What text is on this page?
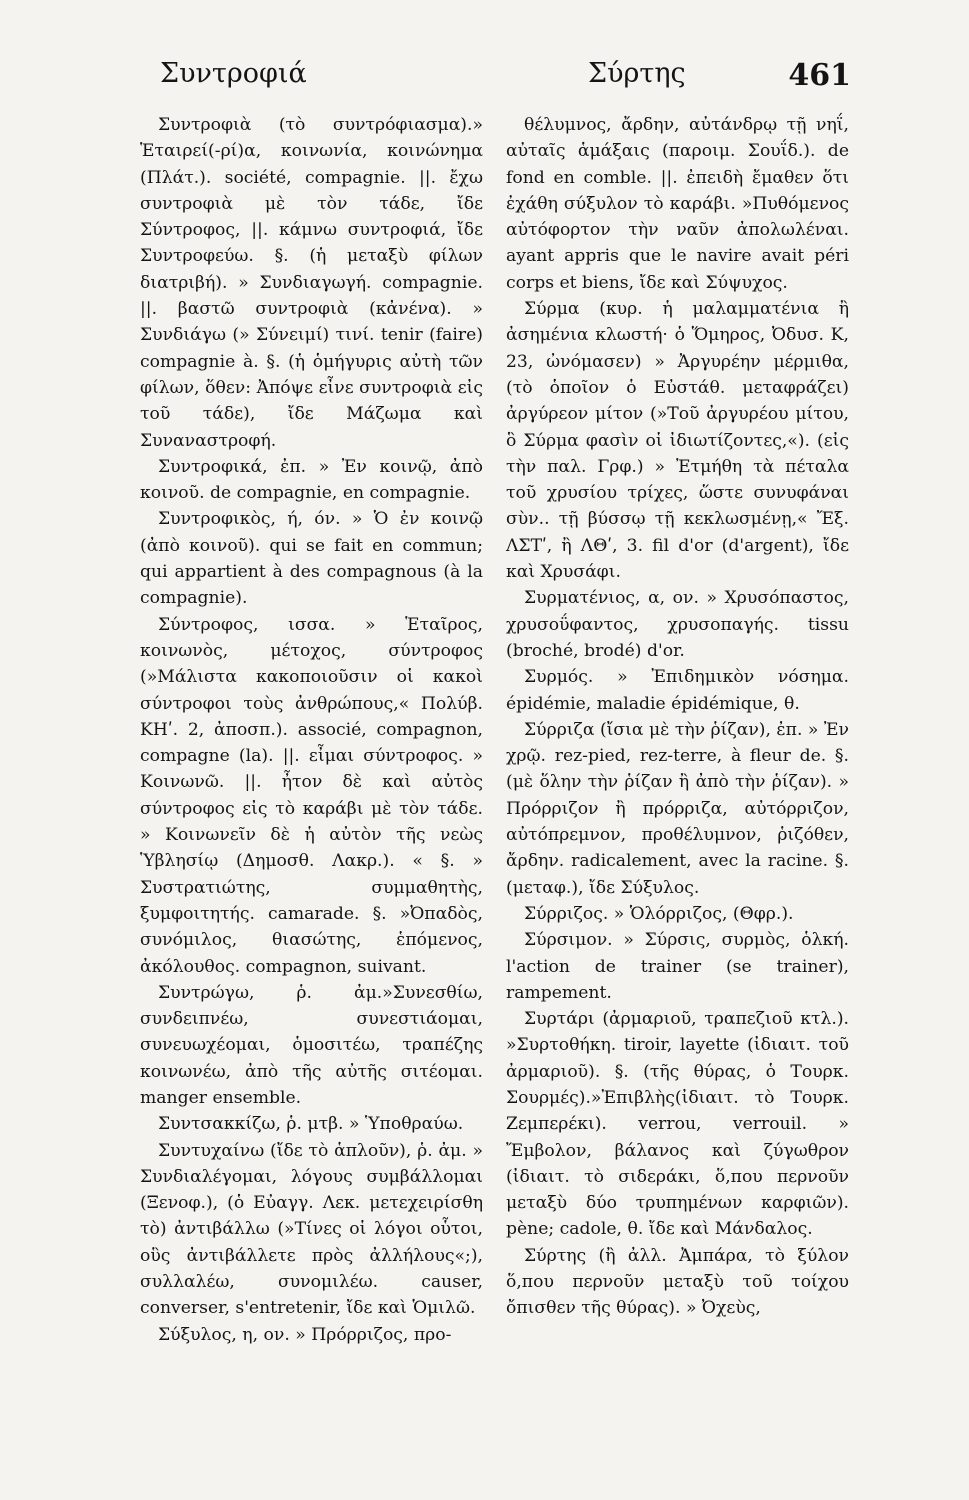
Συντροφιά	Σύρτης	461

Συντροφιὰ (τὸ συντρόφιασμα).» Ἑταιρεί(-ρί)α, κοινωνία, κοινώνημα (Πλάτ.). société, compagnie. ||. ἔχω συντροφιὰ μὲ τὸν τάδε, ἴδε Σύντροφος, ||. κάμνω συντροφιά, ἴδε Συντροφεύω. §. (ἡ μεταξὺ φίλων διατριβή). » Συνδιαγωγή. compagnie. ||. βαστῶ συντροφιὰ (κἀνένα). » Συνδιάγω (» Σύνειμί) τινί. tenir (faire) compagnie à. §. (ἡ ὁμήγυρις αὐτὴ τῶν φίλων, ὅθεν: Ἀπόψε εἶνε συντροφιὰ εἰς τοῦ τάδε), ἴδε Μάζωμα καὶ Συναναστροφή.

Συντροφικά, ἐπ. » Ἐν κοινῷ, ἀπὸ κοινοῦ. de compagnie, en compagnie.

Συντροφικὸς, ή, όν. » Ὁ ἐν κοινῷ (ἀπὸ κοινοῦ). qui se fait en commun; qui appartient à des compagnous (à la compagnie).

Σύντροφος, ισσα. » Ἑταῖρος, κοινωνὸς, μέτοχος, σύντροφος (»Μάλιστα κακοποιοῦσιν οἱ κακοὶ σύντροφοι τοὺς ἀνθρώπους,« Πολύβ. ΚΗʹ. 2, ἀποσπ.). associé, compagnon, compagne (la). ||. εἶμαι σύντροφος. » Κοινωνῶ. ||. ἦτον δὲ καὶ αὐτὸς σύντροφος εἰς τὸ καράβι μὲ τὸν τάδε. » Κοινωνεῖν δὲ ἡ αὐτὸν τῆς νεὼς Ὑβλησίῳ (Δημοσθ. Λακρ.). « §. » Συστρατιώτης, συμμαθητὴς, ξυμφοιτητής. camarade. §. »Ὀπαδὸς, συνόμιλος, θιασώτης, ἑπόμενος, ἀκόλουθος. compagnon, suivant.

Συντρώγω, ῥ. ἀμ.»Συνεσθίω, συνδειπνέω, συνεστιάομαι, συνευωχέομαι, ὁμοσιτέω, τραπέζης κοινωνέω, ἀπὸ τῆς αὐτῆς σιτέομαι. manger ensemble.

Συντσακκίζω, ῥ. μτβ. » Ὑποθραύω.

Συντυχαίνω (ἴδε τὸ ἁπλοῦν), ῥ. ἀμ. » Συνδιαλέγομαι, λόγους συμβάλλομαι (Ξενοφ.), (ὁ Εὐαγγ. Λεκ. μετεχειρίσθη τὸ) ἀντιβάλλω (»Τίνες οἱ λόγοι οὗτοι, οὓς ἀντιβάλλετε πρὸς ἀλλήλους«;), συλλαλέω, συνομιλέω. causer, converser, s'entretenir, ἴδε καὶ Ὁμιλῶ.

Σύξυλος, η, ον. » Πρόρριζος, προ-

θέλυμνος, ἄρδην, αὐτάνδρῳ τῇ νηΐ, αὐταῖς ἁμάξαις (παροιμ. Σουΐδ.). de fond en comble. ||. ἐπειδὴ ἔμαθεν ὅτι ἐχάθη σύξυλον τὸ καράβι. »Πυθόμενος αὐτόφορτον τὴν ναῦν ἀπολωλέναι. ayant appris que le navire avait péri corps et biens, ἴδε καὶ Σύψυχος.

Σύρμα (κυρ. ἡ μαλαμματένια ἢ ἀσημένια κλωστή· ὁ Ὅμηρος, Ὀδυσ. Κ, 23, ὠνόμασεν) » Ἀργυρέην μέρμιθα, (τὸ ὁποῖον ὁ Εὐστάθ. μεταφράζει) ἀργύρεον μίτον (»Τοῦ ἀργυρέου μίτου, ὃ Σύρμα φασὶν οἱ ἰδιωτίζοντες,«). (εἰς τὴν παλ. Γρφ.) » Ἐτμήθη τὰ πέταλα τοῦ χρυσίου τρίχες, ὥστε συνυφάναι σὺν.. τῇ βύσσῳ τῇ κεκλωσμένῃ,« Ἔξ. ΛΣΤʹ, ἢ ΛΘʹ, 3. fil d'or (d'argent), ἴδε καὶ Χρυσάφι.

Συρματένιος, α, ον. » Χρυσόπαστος, χρυσοΰφαντος, χρυσοπαγής. tissu (broché, brodé) d'or.

Συρμός. » Ἐπιδημικὸν νόσημα. épidémie, maladie épidémique, θ.

Σύρριζα (ἴσια μὲ τὴν ῥίζαν), ἐπ. » Ἐν χρῷ. rez-pied, rez-terre, à fleur de. §. (μὲ ὅλην τὴν ῥίζαν ἢ ἀπὸ τὴν ῥίζαν). » Πρόρριζον ἢ πρόρριζα, αὐτόρριζον, αὐτόπρεμνον, προθέλυμνον, ῥιζόθεν, ἄρδην. radicalement, avec la racine. §. (μεταφ.), ἴδε Σύξυλος.

Σύρριζος. » Ὁλόρριζος, (Θφρ.).

Σύρσιμον. » Σύρσις, συρμὸς, ὁλκή. l'action de trainer (se trainer), rampement.

Συρτάρι (ἀρμαριοῦ, τραπεζιοῦ κτλ.). »Συρτοθήκη. tiroir, layette (ἰδιαιτ. τοῦ ἀρμαριοῦ). §. (τῆς θύρας, ὁ Τουρκ. Σουρμές).»Ἐπιβλὴς(ἰδιαιτ. τὸ Τουρκ. Ζεμπερέκι). verrou, verrouil. » Ἔμβολον, βάλανος καὶ ζύγωθρον (ἰδιαιτ. τὸ σιδεράκι, ὅ,που περνοῦν μεταξὺ δύο τρυπημένων καρφιῶν). pène; cadole, θ. ἴδε καὶ Μάνδαλος.

Σύρτης (ἢ ἀλλ. Ἀμπάρα, τὸ ξύλον ὅ,που περνοῦν μεταξὺ τοῦ τοίχου ὄπισθεν τῆς θύρας). » Ὀχεὺς,
